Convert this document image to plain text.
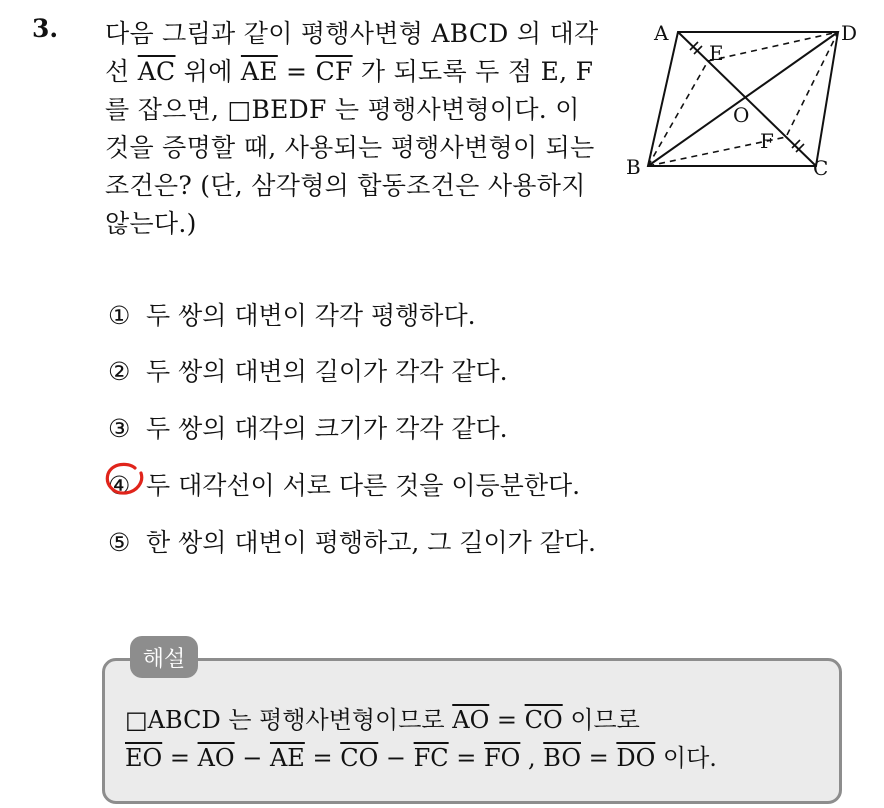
3. 다음 그림과 같이 평행사변형 ABCD 의 대각
선 $\overline{AC}$ 위에 $\overline{AE} = \overline{CF}$ 가 되도록 두 점 E, F
를 잡으면, □BEDF 는 평행사변형이다. 이
것을 증명할 때, 사용되는 평행사변형이 되는
조건은? (단, 삼각형의 합동조건은 사용하지
않는다.)
A	D
E
O
F
B	C
① 두 쌍의 대변이 각각 평행하다.
② 두 쌍의 대변의 길이가 각각 같다.
③ 두 쌍의 대각의 크기가 각각 같다.
④ 두 대각선이 서로 다른 것을 이등분한다.
⑤ 한 쌍의 대변이 평행하고, 그 길이가 같다.
해설
□ABCD 는 평행사변형이므로 $\overline{AO} = \overline{CO}$ 이므로
$\overline{EO} = \overline{AO} - \overline{AE} = \overline{CO} - \overline{FC} = \overline{FO}$ , $\overline{BO} = \overline{DO}$ 이다.
